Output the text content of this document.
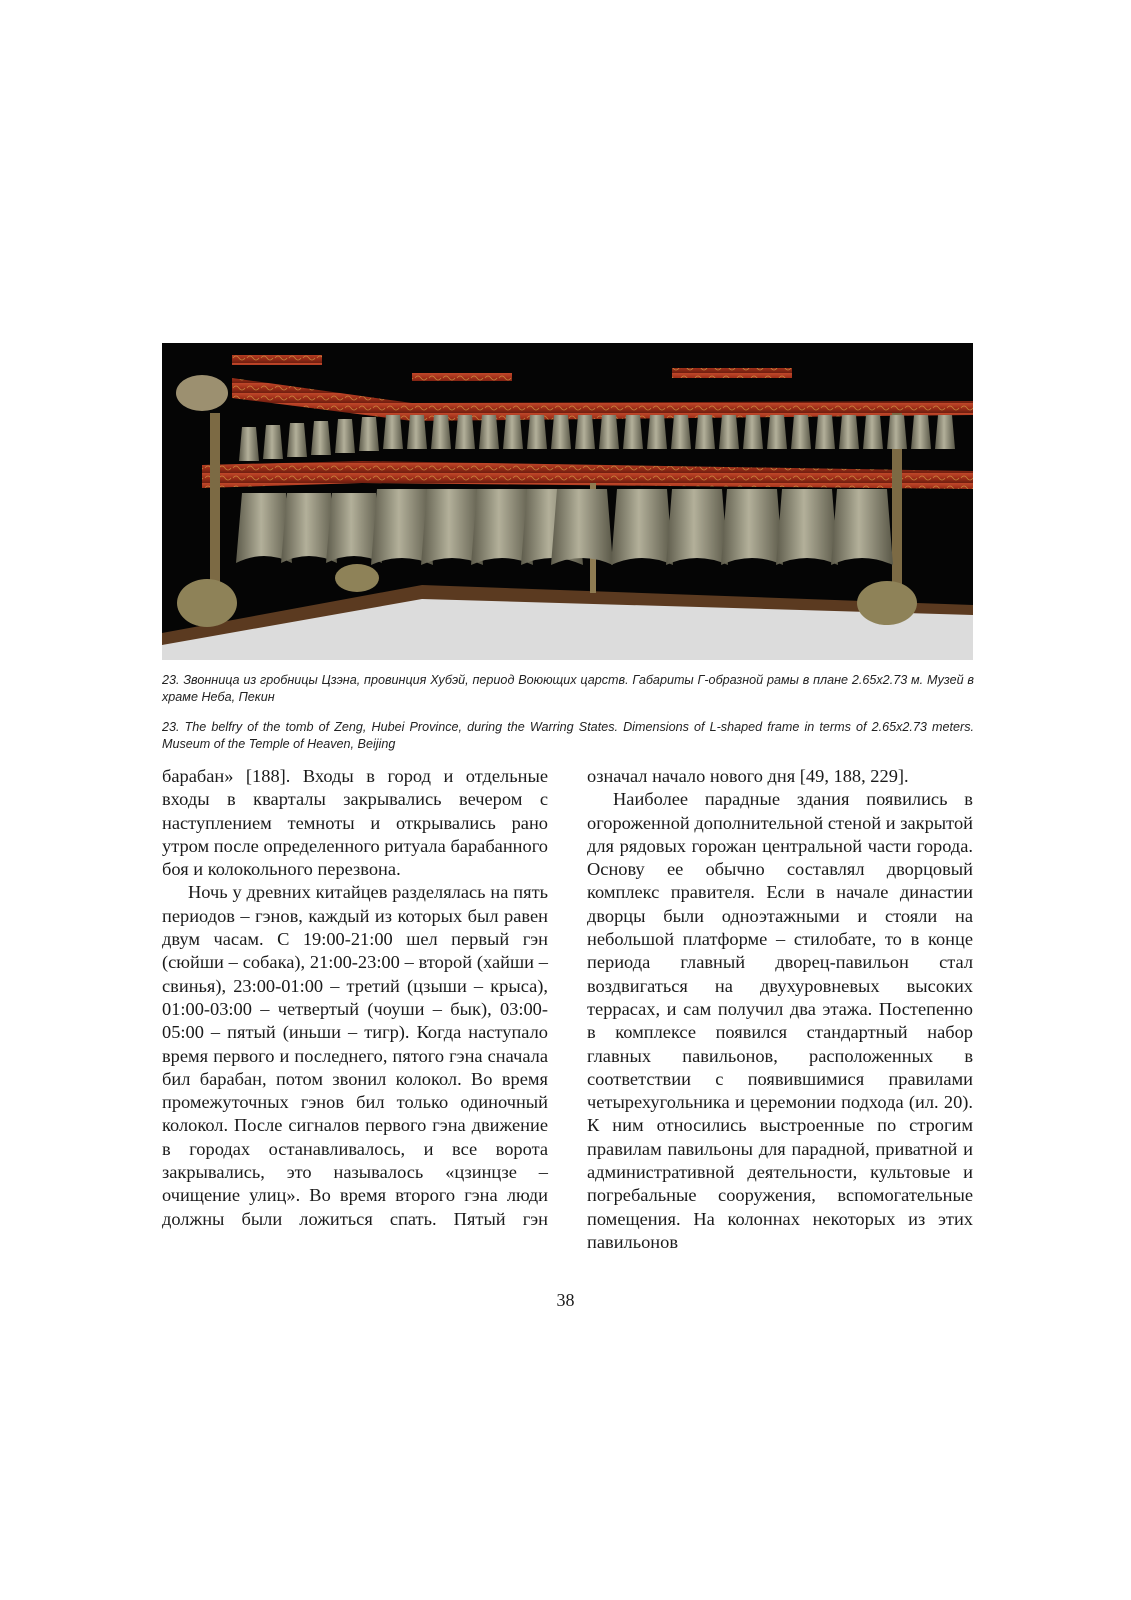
23. Звонница из гробницы Цзэна, провинция Хубэй, период Воюющих царств. Габариты Г-образной рамы в плане 2.65х2.73 м. Музей в храме Неба, Пекин

23. The belfry of the tomb of Zeng, Hubei Province, during the Warring States. Dimensions of L-shaped frame in terms of 2.65x2.73 meters. Museum of the Temple of Heaven, Beijing

барабан» [188]. Входы в город и отдельные входы в кварталы закрывались вечером с наступлением темноты и открывались рано утром после определенного ритуала барабанного боя и колокольного перезвона.

Ночь у древних китайцев разделялась на пять периодов – гэнов, каждый из которых был равен двум часам. С 19:00-21:00 шел первый гэн (сюйши – собака), 21:00-23:00 – второй (хайши – свинья), 23:00-01:00 – третий (цзыши – крыса), 01:00-03:00 – четвертый (чоуши – бык), 03:00-05:00 – пятый (иньши – тигр). Когда наступало время первого и последнего, пятого гэна сначала бил барабан, потом звонил колокол. Во время промежуточных гэнов бил только одиночный колокол. После сигналов первого гэна движение в городах останавливалось, и все ворота закрывались, это называлось «цзинцзе – очищение улиц». Во время второго гэна люди должны были ложиться спать. Пятый гэн

означал начало нового дня [49, 188, 229].

Наиболее парадные здания появились в огороженной дополнительной стеной и закрытой для рядовых горожан центральной части города. Основу ее обычно составлял дворцовый комплекс правителя. Если в начале династии дворцы были одноэтажными и стояли на небольшой платформе – стилобате, то в конце периода главный дворец-павильон стал воздвигаться на двухуровневых высоких террасах, и сам получил два этажа. Постепенно в комплексе появился стандартный набор главных павильонов, расположенных в соответствии с появившимися правилами четырехугольника и церемонии подхода (ил. 20). К ним относились выстроенные по строгим правилам павильоны для парадной, приватной и административной деятельности, культовые и погребальные сооружения, вспомогательные помещения. На колоннах некоторых из этих павильонов

38
